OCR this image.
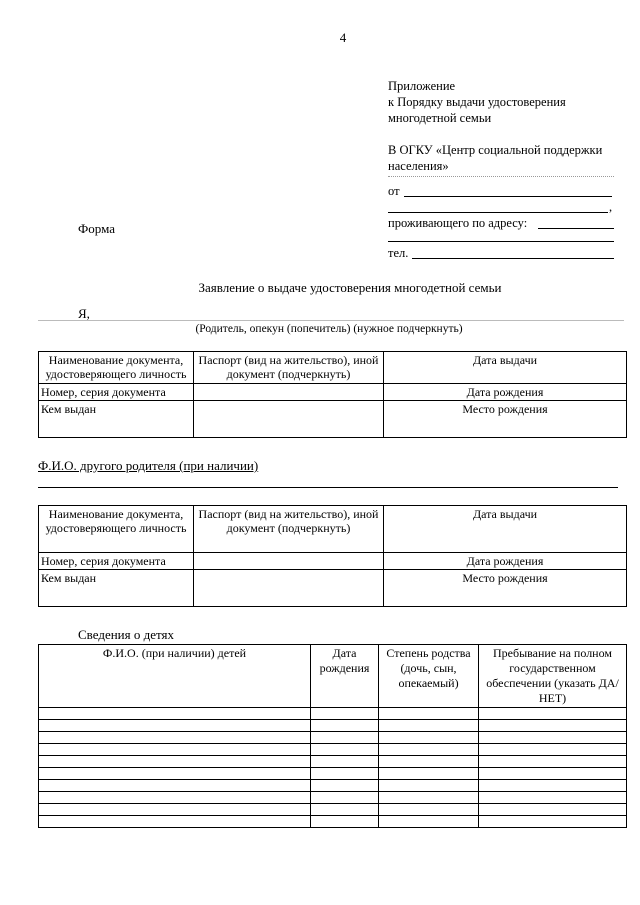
4
Приложение
к Порядку выдачи удостоверения
многодетной семьи
В ОГКУ «Центр социальной поддержки
населения»
от
,
проживающего по адресу:
тел.
Форма
Заявление о выдаче удостоверения многодетной семьи
Я,
(Родитель, опекун (попечитель) (нужное подчеркнуть)
Наименование документа, удостоверяющего личность	Паспорт (вид на жительство), иной документ (подчеркнуть)	Дата выдачи
Номер, серия документа		Дата рождения
Кем выдан		Место рождения
Ф.И.О. другого родителя (при наличии)
Наименование документа, удостоверяющего личность	Паспорт (вид на жительство), иной документ (подчеркнуть)	Дата выдачи
Номер, серия документа		Дата рождения
Кем выдан		Место рождения
Сведения о детях
Ф.И.О. (при наличии) детей	Дата рождения	Степень родства (дочь, сын, опекаемый)	Пребывание на полном государственном обеспечении (указать ДА/НЕТ)
